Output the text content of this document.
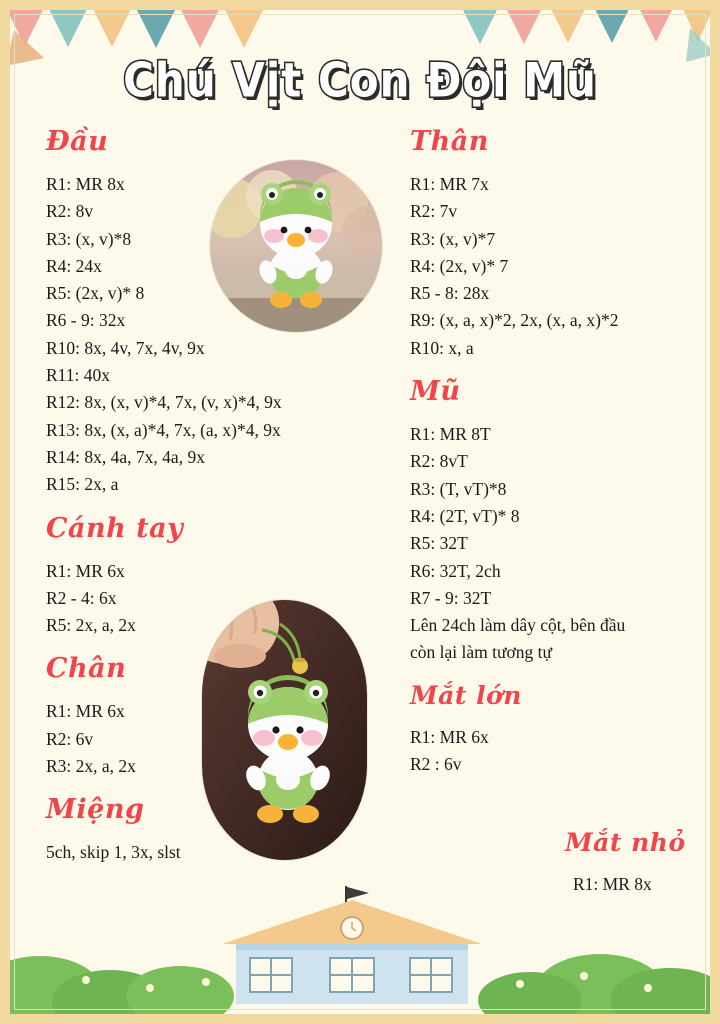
Chú Vịt Con Đội Mũ
Đầu

R1: MR 8x

R2: 8v

R3: (x, v)*8

R4: 24x

R5: (2x, v)* 8

R6 - 9: 32x

R10: 8x, 4v, 7x, 4v, 9x

R11: 40x

R12: 8x, (x, v)*4, 7x, (v, x)*4, 9x

R13: 8x, (x, a)*4, 7x, (a, x)*4, 9x

R14: 8x, 4a, 7x, 4a, 9x

R15: 2x, a

Cánh tay

R1: MR 6x

R2 - 4: 6x

R5: 2x, a, 2x

Chân

R1: MR 6x

R2: 6v

R3: 2x, a, 2x

Miệng

5ch, skip 1, 3x, slst

Thân

R1: MR 7x

R2: 7v

R3: (x, v)*7

R4: (2x, v)* 7

R5 - 8: 28x

R9: (x, a, x)*2, 2x, (x, a, x)*2

R10: x, a

Mũ

R1: MR 8T

R2: 8vT

R3: (T, vT)*8

R4: (2T, vT)* 8

R5: 32T

R6: 32T, 2ch

R7 - 9: 32T

Lên 24ch làm dây cột, bên đầu

còn lại làm tương tự

Mắt lớn

R1: MR 6x

R2 : 6v

Mắt nhỏ

R1: MR 8x
